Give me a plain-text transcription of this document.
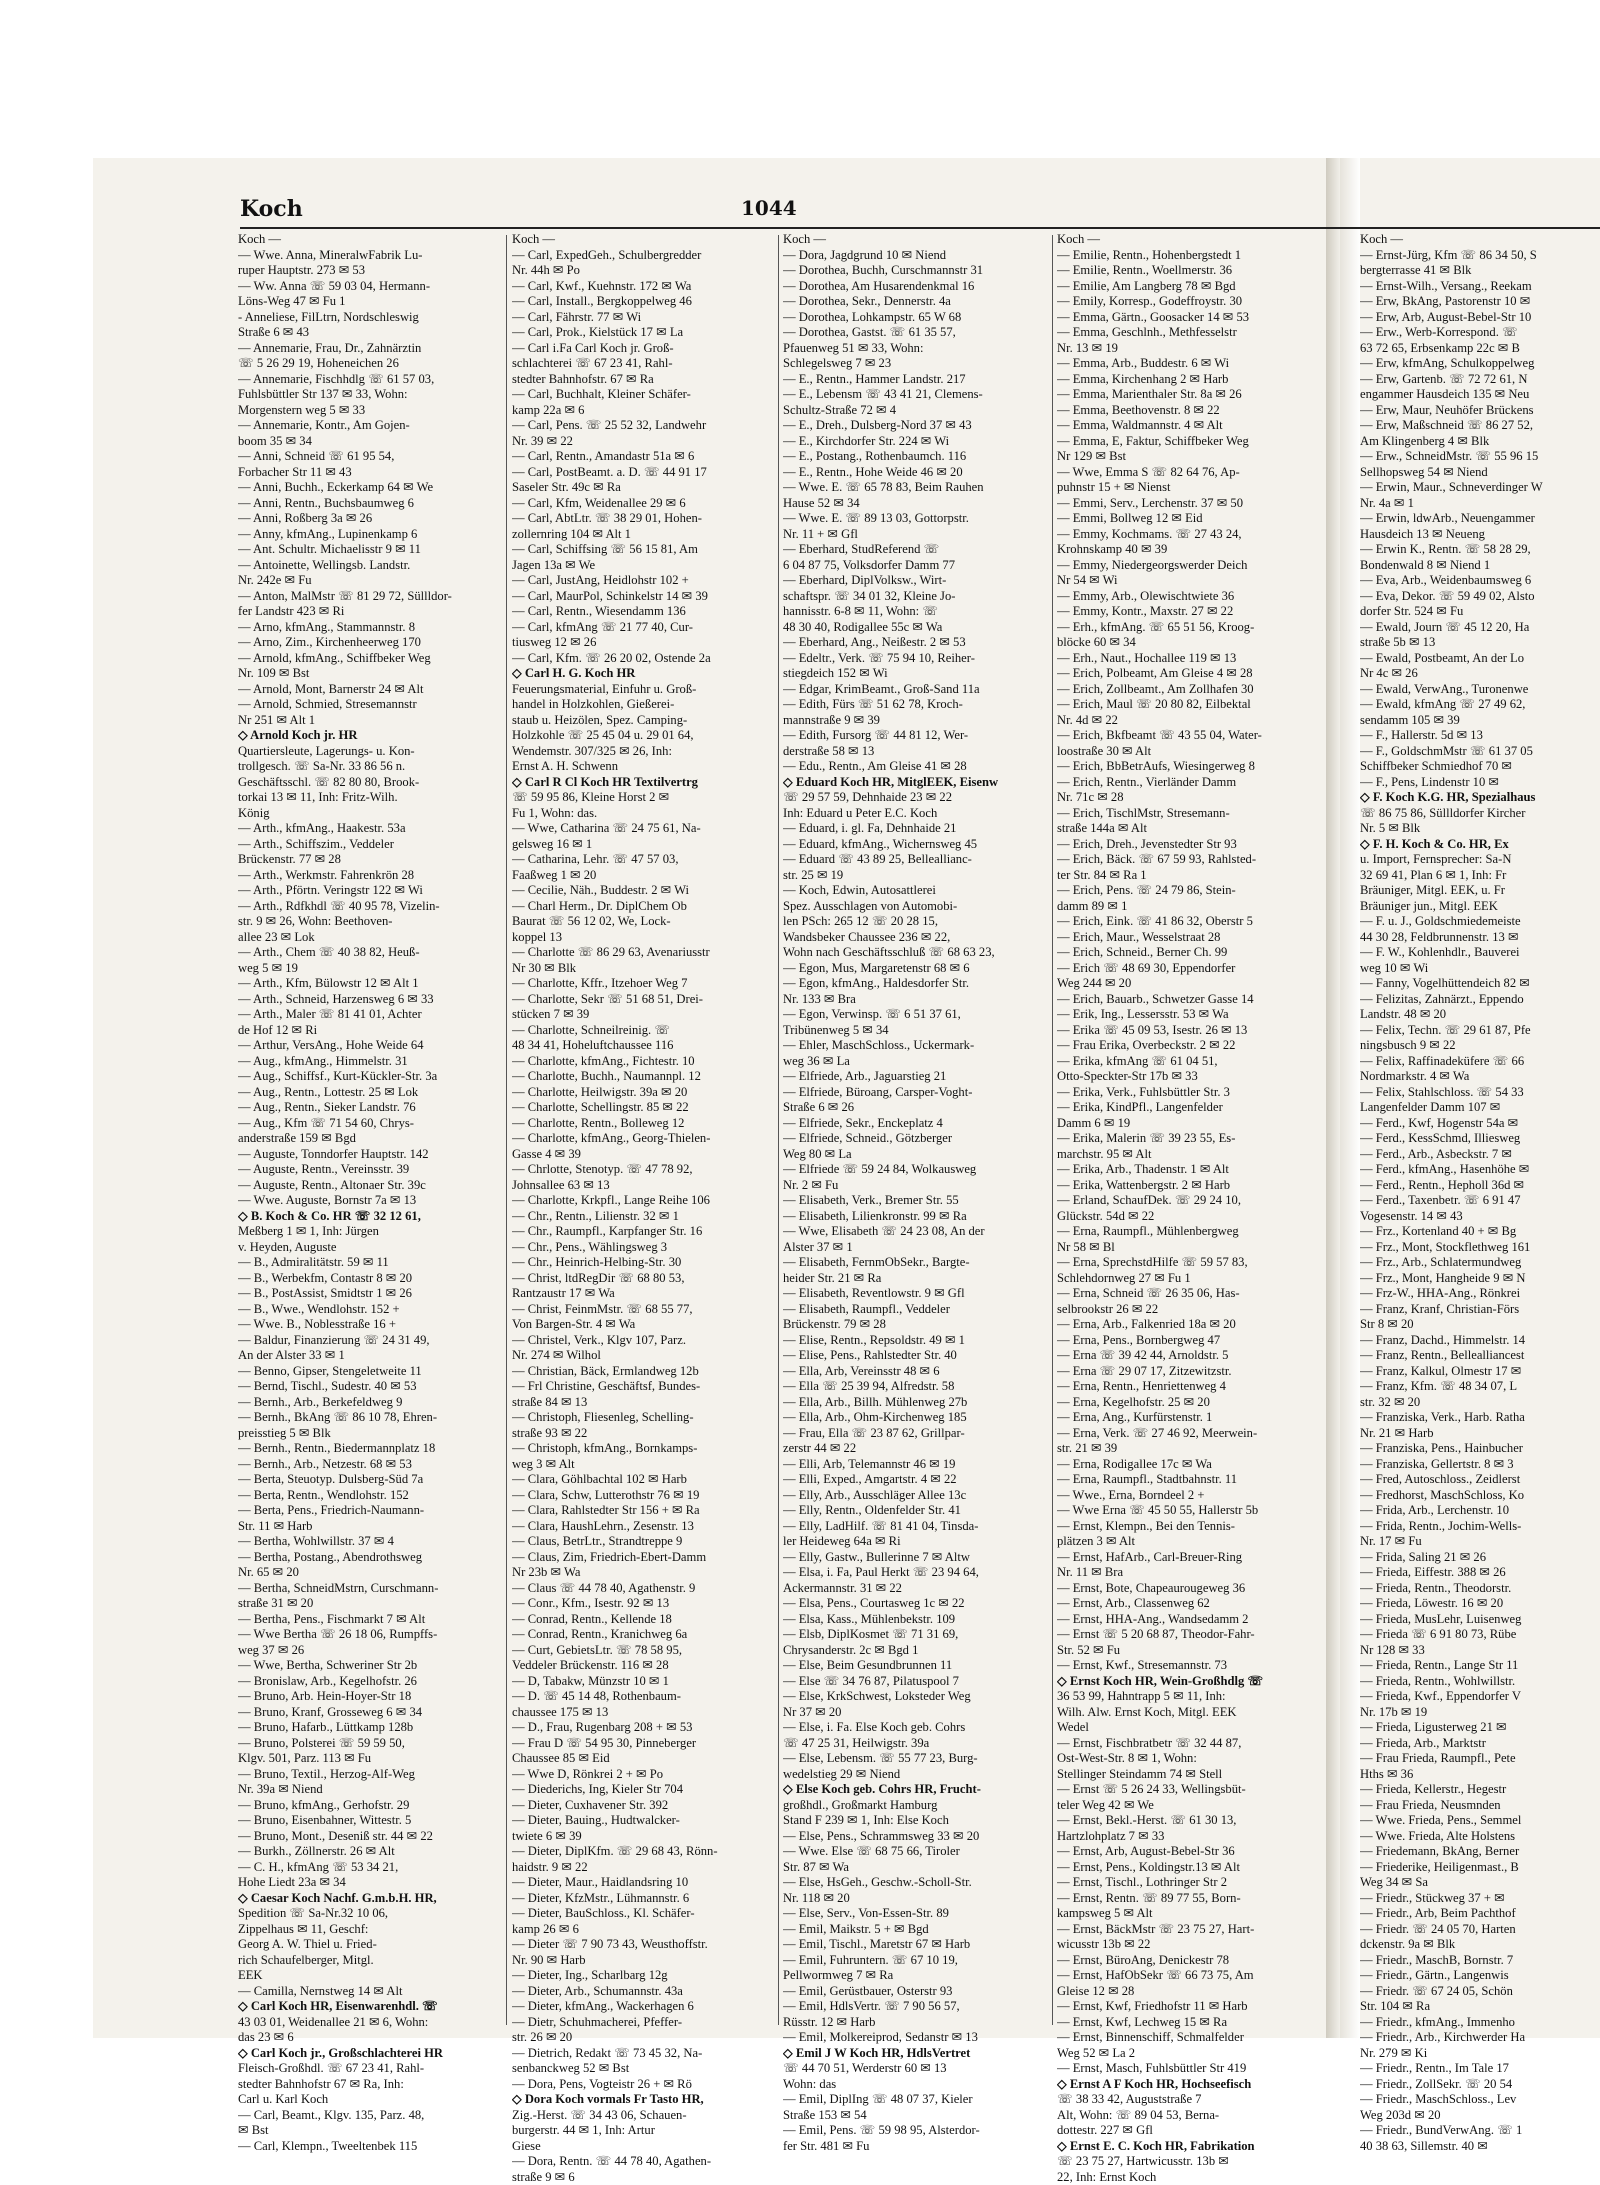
Koch	1044
Koch —
— Wwe. Anna, MineralwFabrik Lu-
ruper Hauptstr. 273 ✉ 53
— Ww. Anna ☏ 59 03 04, Hermann-
Löns-Weg 47 ✉ Fu 1
- Anneliese, FilLtrn, Nordschleswig
Straße 6 ✉ 43
— Annemarie, Frau, Dr., Zahnärztin
☏ 5 26 29 19, Hoheneichen 26
— Annemarie, Fischhdlg ☏ 61 57 03,
Fuhlsbüttler Str 137 ✉ 33, Wohn:
Morgenstern weg 5 ✉ 33
— Annemarie, Kontr., Am Gojen-
boom 35 ✉ 34
— Anni, Schneid ☏ 61 95 54,
Forbacher Str 11 ✉ 43
— Anni, Buchh., Eckerkamp 64 ✉ We
— Anni, Rentn., Buchsbaumweg 6
— Anni, Roßberg 3a ✉ 26
— Anny, kfmAng., Lupinenkamp 6
— Ant. Schultr. Michaelisstr 9 ✉ 11
— Antoinette, Wellingsb. Landstr.
Nr. 242e ✉ Fu
— Anton, MalMstr ☏ 81 29 72, Süllldor-
fer Landstr 423 ✉ Ri
— Arno, kfmAng., Stammannstr. 8
— Arno, Zim., Kirchenheerweg 170
— Arnold, kfmAng., Schiffbeker Weg
Nr. 109 ✉ Bst
— Arnold, Mont, Barnerstr 24 ✉ Alt
— Arnold, Schmied, Stresemannstr
Nr 251 ✉ Alt 1
◇ Arnold Koch jr. HR
Quartiersleute, Lagerungs- u. Kon-
trollgesch. ☏ Sa-Nr. 33 86 56 n.
Geschäftsschl. ☏ 82 80 80, Brook-
torkai 13 ✉ 11, Inh: Fritz-Wilh.
König
— Arth., kfmAng., Haakestr. 53a
— Arth., Schiffszim., Veddeler
Brückenstr. 77 ✉ 28
— Arth., Werkmstr. Fahrenkrön 28
— Arth., Pförtn. Veringstr 122 ✉ Wi
— Arth., Rdfkhdl ☏ 40 95 78, Vizelin-
str. 9 ✉ 26, Wohn: Beethoven-
allee 23 ✉ Lok
— Arth., Chem ☏ 40 38 82, Heuß-
weg 5 ✉ 19
— Arth., Kfm, Bülowstr 12 ✉ Alt 1
— Arth., Schneid, Harzensweg 6 ✉ 33
— Arth., Maler ☏ 81 41 01, Achter
de Hof 12 ✉ Ri
— Arthur, VersAng., Hohe Weide 64
— Aug., kfmAng., Himmelstr. 31
— Aug., Schiffsf., Kurt-Kückler-Str. 3a
— Aug., Rentn., Lottestr. 25 ✉ Lok
— Aug., Rentn., Sieker Landstr. 76
— Aug., Kfm ☏ 71 54 60, Chrys-
anderstraße 159 ✉ Bgd
— Auguste, Tonndorfer Hauptstr. 142
— Auguste, Rentn., Vereinsstr. 39
— Auguste, Rentn., Altonaer Str. 39c
— Wwe. Auguste, Bornstr 7a ✉ 13
◇ B. Koch & Co. HR ☏ 32 12 61,
Meßberg 1 ✉ 1, Inh: Jürgen
v. Heyden, Auguste
— B., Admiralitätstr. 59 ✉ 11
— B., Werbekfm, Contastr 8 ✉ 20
— B., PostAssist, Smidtstr 1 ✉ 26
— B., Wwe., Wendlohstr. 152 +
— Wwe. B., Noblesstraße 16 +
— Baldur, Finanzierung ☏ 24 31 49,
An der Alster 33 ✉ 1
— Benno, Gipser, Stengeletweite 11
— Bernd, Tischl., Sudestr. 40 ✉ 53
— Bernh., Arb., Berkefeldweg 9
— Bernh., BkAng ☏ 86 10 78, Ehren-
preisstieg 5 ✉ Blk
— Bernh., Rentn., Biedermannplatz 18
— Bernh., Arb., Netzestr. 68 ✉ 53
— Berta, Steuotyp. Dulsberg-Süd 7a
— Berta, Rentn., Wendlohstr. 152
— Berta, Pens., Friedrich-Naumann-
Str. 11 ✉ Harb
— Bertha, Wohlwillstr. 37 ✉ 4
— Bertha, Postang., Abendrothsweg
Nr. 65 ✉ 20
— Bertha, SchneidMstrn, Curschmann-
straße 31 ✉ 20
— Bertha, Pens., Fischmarkt 7 ✉ Alt
— Wwe Bertha ☏ 26 18 06, Rumpffs-
weg 37 ✉ 26
— Wwe, Bertha, Schweriner Str 2b
— Bronislaw, Arb., Kegelhofstr. 26
— Bruno, Arb. Hein-Hoyer-Str 18
— Bruno, Kranf, Grosseweg 6 ✉ 34
— Bruno, Hafarb., Lüttkamp 128b
— Bruno, Polsterei ☏ 59 59 50,
Klgv. 501, Parz. 113 ✉ Fu
— Bruno, Textil., Herzog-Alf-Weg
Nr. 39a ✉ Niend
— Bruno, kfmAng., Gerhofstr. 29
— Bruno, Eisenbahner, Wittestr. 5
— Bruno, Mont., Deseniß str. 44 ✉ 22
— Burkh., Zöllnerstr. 26 ✉ Alt
— C. H., kfmAng ☏ 53 34 21,
Hohe Liedt 23a ✉ 34
◇ Caesar Koch Nachf. G.m.b.H. HR,
Spedition ☏ Sa-Nr.32 10 06,
Zippelhaus ✉ 11, Geschf:
Georg A. W. Thiel u. Fried-
rich Schaufelberger, Mitgl.
EEK
— Camilla, Nernstweg 14 ✉ Alt
◇ Carl Koch HR, Eisenwarenhdl. ☏
43 03 01, Weidenallee 21 ✉ 6, Wohn:
das 23 ✉ 6
◇ Carl Koch jr., Großschlachterei HR
Fleisch-Großhdl. ☏ 67 23 41, Rahl-
stedter Bahnhofstr 67 ✉ Ra, Inh:
Carl u. Karl Koch
— Carl, Beamt., Klgv. 135, Parz. 48,
✉ Bst
— Carl, Klempn., Tweeltenbek 115
Koch —
— Carl, ExpedGeh., Schulbergredder
Nr. 44h ✉ Po
— Carl, Kwf., Kuehnstr. 172 ✉ Wa
— Carl, Install., Bergkoppelweg 46
— Carl, Fährstr. 77 ✉ Wi
— Carl, Prok., Kielstück 17 ✉ La
— Carl i.Fa Carl Koch jr. Groß-
schlachterei ☏ 67 23 41, Rahl-
stedter Bahnhofstr. 67 ✉ Ra
— Carl, Buchhalt, Kleiner Schäfer-
kamp 22a ✉ 6
— Carl, Pens. ☏ 25 52 32, Landwehr
Nr. 39 ✉ 22
— Carl, Rentn., Amandastr 51a ✉ 6
— Carl, PostBeamt. a. D. ☏ 44 91 17
Saseler Str. 49c ✉ Ra
— Carl, Kfm, Weidenallee 29 ✉ 6
— Carl, AbtLtr. ☏ 38 29 01, Hohen-
zollernring 104 ✉ Alt 1
— Carl, Schiffsing ☏ 56 15 81, Am
Jagen 13a ✉ We
— Carl, JustAng, Heidlohstr 102 +
— Carl, MaurPol, Schinkelstr 14 ✉ 39
— Carl, Rentn., Wiesendamm 136
— Carl, kfmAng ☏ 21 77 40, Cur-
tiusweg 12 ✉ 26
— Carl, Kfm. ☏ 26 20 02, Ostende 2a
◇ Carl H. G. Koch HR
Feuerungsmaterial, Einfuhr u. Groß-
handel in Holzkohlen, Gießerei-
staub u. Heizölen, Spez. Camping-
Holzkohle ☏ 25 45 04 u. 29 01 64,
Wendemstr. 307/325 ✉ 26, Inh:
Ernst A. H. Schwenn
◇ Carl R Cl Koch HR Textilvertrg
☏ 59 95 86, Kleine Horst 2 ✉
Fu 1, Wohn: das.
— Wwe, Catharina ☏ 24 75 61, Na-
gelsweg 16 ✉ 1
— Catharina, Lehr. ☏ 47 57 03,
Faaßweg 1 ✉ 20
— Cecilie, Näh., Buddestr. 2 ✉ Wi
— Charl Herm., Dr. DiplChem Ob
Baurat ☏ 56 12 02, We, Lock-
koppel 13
— Charlotte ☏ 86 29 63, Avenariusstr
Nr 30 ✉ Blk
— Charlotte, Kffr., Itzehoer Weg 7
— Charlotte, Sekr ☏ 51 68 51, Drei-
stücken 7 ✉ 39
— Charlotte, Schneilreinig. ☏
48 34 41, Hoheluftchaussee 116
— Charlotte, kfmAng., Fichtestr. 10
— Charlotte, Buchh., Naumannpl. 12
— Charlotte, Heilwigstr. 39a ✉ 20
— Charlotte, Schellingstr. 85 ✉ 22
— Charlotte, Rentn., Bolleweg 12
— Charlotte, kfmAng., Georg-Thielen-
Gasse 4 ✉ 39
— Chrlotte, Stenotyp. ☏ 47 78 92,
Johnsallee 63 ✉ 13
— Charlotte, Krkpfl., Lange Reihe 106
— Chr., Rentn., Lilienstr. 32 ✉ 1
— Chr., Raumpfl., Karpfanger Str. 16
— Chr., Pens., Wählingsweg 3
— Chr., Heinrich-Helbing-Str. 30
— Christ, ltdRegDir ☏ 68 80 53,
Rantzaustr 17 ✉ Wa
— Christ, FeinmMstr. ☏ 68 55 77,
Von Bargen-Str. 4 ✉ Wa
— Christel, Verk., Klgv 107, Parz.
Nr. 274 ✉ Wilhol
— Christian, Bäck, Ermlandweg 12b
— Frl Christine, Geschäftsf, Bundes-
straße 84 ✉ 13
— Christoph, Fliesenleg, Schelling-
straße 93 ✉ 22
— Christoph, kfmAng., Bornkamps-
weg 3 ✉ Alt
— Clara, Göhlbachtal 102 ✉ Harb
— Clara, Schw, Lutterothstr 76 ✉ 19
— Clara, Rahlstedter Str 156 + ✉ Ra
— Clara, HaushLehrn., Zesenstr. 13
— Claus, BetrLtr., Strandtreppe 9
— Claus, Zim, Friedrich-Ebert-Damm
Nr 23b ✉ Wa
— Claus ☏ 44 78 40, Agathenstr. 9
— Conr., Kfm., Isestr. 92 ✉ 13
— Conrad, Rentn., Kellende 18
— Conrad, Rentn., Kranichweg 6a
— Curt, GebietsLtr. ☏ 78 58 95,
Veddeler Brückenstr. 116 ✉ 28
— D, Tabakw, Münzstr 10 ✉ 1
— D. ☏ 45 14 48, Rothenbaum-
chaussee 175 ✉ 13
— D., Frau, Rugenbarg 208 + ✉ 53
— Frau D ☏ 54 95 30, Pinneberger
Chaussee 85 ✉ Eid
— Wwe D, Rönkrei 2 + ✉ Po
— Diederichs, Ing, Kieler Str 704
— Dieter, Cuxhavener Str. 392
— Dieter, Bauing., Hudtwalcker-
twiete 6 ✉ 39
— Dieter, DiplKfm. ☏ 29 68 43, Rönn-
haidstr. 9 ✉ 22
— Dieter, Maur., Haidlandsring 10
— Dieter, KfzMstr., Lühmannstr. 6
— Dieter, BauSchloss., Kl. Schäfer-
kamp 26 ✉ 6
— Dieter ☏ 7 90 73 43, Weusthoffstr.
Nr. 90 ✉ Harb
— Dieter, Ing., Scharlbarg 12g
— Dieter, Arb., Schumannstr. 43a
— Dieter, kfmAng., Wackerhagen 6
— Dietr, Schuhmacherei, Pfeffer-
str. 26 ✉ 20
— Dietrich, Redakt ☏ 73 45 32, Na-
senbanckweg 52 ✉ Bst
— Dora, Pens, Vogteistr 26 + ✉ Rö
◇ Dora Koch vormals Fr Tasto HR,
Zig.-Herst. ☏ 34 43 06, Schauen-
burgerstr. 44 ✉ 1, Inh: Artur
Giese
— Dora, Rentn. ☏ 44 78 40, Agathen-
straße 9 ✉ 6
Koch —
— Dora, Jagdgrund 10 ✉ Niend
— Dorothea, Buchh, Curschmannstr 31
— Dorothea, Am Husarendenkmal 16
— Dorothea, Sekr., Dennerstr. 4a
— Dorothea, Lohkampstr. 65 W 68
— Dorothea, Gastst. ☏ 61 35 57,
Pfauenweg 51 ✉ 33, Wohn:
Schlegelsweg 7 ✉ 23
— E., Rentn., Hammer Landstr. 217
— E., Lebensm ☏ 43 41 21, Clemens-
Schultz-Straße 72 ✉ 4
— E., Dreh., Dulsberg-Nord 37 ✉ 43
— E., Kirchdorfer Str. 224 ✉ Wi
— E., Postang., Rothenbaumch. 116
— E., Rentn., Hohe Weide 46 ✉ 20
— Wwe. E. ☏ 65 78 83, Beim Rauhen
Hause 52 ✉ 34
— Wwe. E. ☏ 89 13 03, Gottorpstr.
Nr. 11 + ✉ Gfl
— Eberhard, StudReferend ☏
6 04 87 75, Volksdorfer Damm 77
— Eberhard, DiplVolksw., Wirt-
schaftspr. ☏ 34 01 32, Kleine Jo-
hannisstr. 6-8 ✉ 11, Wohn: ☏
48 30 40, Rodigallee 55c ✉ Wa
— Eberhard, Ang., Neißestr. 2 ✉ 53
— Edeltr., Verk. ☏ 75 94 10, Reiher-
stiegdeich 152 ✉ Wi
— Edgar, KrimBeamt., Groß-Sand 11a
— Edith, Fürs ☏ 51 62 78, Kroch-
mannstraße 9 ✉ 39
— Edith, Fursorg ☏ 44 81 12, Wer-
derstraße 58 ✉ 13
— Edu., Rentn., Am Gleise 41 ✉ 28
◇ Eduard Koch HR, MitglEEK, Eisenw
☏ 29 57 59, Dehnhaide 23 ✉ 22
Inh: Eduard u Peter E.C. Koch
— Eduard, i. gl. Fa, Dehnhaide 21
— Eduard, kfmAng., Wichernsweg 45
— Eduard ☏ 43 89 25, Belleallianc-
str. 25 ✉ 19
— Koch, Edwin, Autosattlerei
Spez. Ausschlagen von Automobi-
len PSch: 265 12 ☏ 20 28 15,
Wandsbeker Chaussee 236 ✉ 22,
Wohn nach Geschäftsschluß ☏ 68 63 23,
— Egon, Mus, Margaretenstr 68 ✉ 6
— Egon, kfmAng., Haldesdorfer Str.
Nr. 133 ✉ Bra
— Egon, Verwinsp. ☏ 6 51 37 61,
Tribünenweg 5 ✉ 34
— Ehler, MaschSchloss., Uckermark-
weg 36 ✉ La
— Elfriede, Arb., Jaguarstieg 21
— Elfriede, Büroang, Carsper-Voght-
Straße 6 ✉ 26
— Elfriede, Sekr., Enckeplatz 4
— Elfriede, Schneid., Götzberger
Weg 80 ✉ La
— Elfriede ☏ 59 24 84, Wolkausweg
Nr. 2 ✉ Fu
— Elisabeth, Verk., Bremer Str. 55
— Elisabeth, Lilienkronstr. 99 ✉ Ra
— Wwe, Elisabeth ☏ 24 23 08, An der
Alster 37 ✉ 1
— Elisabeth, FernmObSekr., Bargte-
heider Str. 21 ✉ Ra
— Elisabeth, Reventlowstr. 9 ✉ Gfl
— Elisabeth, Raumpfl., Veddeler
Brückenstr. 79 ✉ 28
— Elise, Rentn., Repsoldstr. 49 ✉ 1
— Elise, Pens., Rahlstedter Str. 40
— Ella, Arb, Vereinsstr 48 ✉ 6
— Ella ☏ 25 39 94, Alfredstr. 58
— Ella, Arb., Billh. Mühlenweg 27b
— Ella, Arb., Ohm-Kirchenweg 185
— Frau, Ella ☏ 23 87 62, Grillpar-
zerstr 44 ✉ 22
— Elli, Arb, Telemannstr 46 ✉ 19
— Elli, Exped., Amgartstr. 4 ✉ 22
— Elly, Arb., Ausschläger Allee 13c
— Elly, Rentn., Oldenfelder Str. 41
— Elly, LadHilf. ☏ 81 41 04, Tinsda-
ler Heideweg 64a ✉ Ri
— Elly, Gastw., Bullerinne 7 ✉ Altw
— Elsa, i. Fa, Paul Herkt ☏ 23 94 64,
Ackermannstr. 31 ✉ 22
— Elsa, Pens., Courtasweg 1c ✉ 22
— Elsa, Kass., Mühlenbekstr. 109
— Elsb, DiplKosmet ☏ 71 31 69,
Chrysanderstr. 2c ✉ Bgd 1
— Else, Beim Gesundbrunnen 11
— Else ☏ 34 76 87, Pilatuspool 7
— Else, KrkSchwest, Loksteder Weg
Nr 37 ✉ 20
— Else, i. Fa. Else Koch geb. Cohrs
☏ 47 25 31, Heilwigstr. 39a
— Else, Lebensm. ☏ 55 77 23, Burg-
wedelstieg 29 ✉ Niend
◇ Else Koch geb. Cohrs HR, Frucht-
großhdl., Großmarkt Hamburg
Stand F 239 ✉ 1, Inh: Else Koch
— Else, Pens., Schrammsweg 33 ✉ 20
— Wwe. Else ☏ 68 75 66, Tiroler
Str. 87 ✉ Wa
— Else, HsGeh., Geschw.-Scholl-Str.
Nr. 118 ✉ 20
— Else, Serv., Von-Essen-Str. 89
— Emil, Maikstr. 5 + ✉ Bgd
— Emil, Tischl., Maretstr 67 ✉ Harb
— Emil, Fuhruntern. ☏ 67 10 19,
Pellwormweg 7 ✉ Ra
— Emil, Gerüstbauer, Osterstr 93
— Emil, HdlsVertr. ☏ 7 90 56 57,
Rüsstr. 12 ✉ Harb
— Emil, Molkereiprod, Sedanstr ✉ 13
◇ Emil J W Koch HR, HdlsVertret
☏ 44 70 51, Werderstr 60 ✉ 13
Wohn: das
— Emil, DiplIng ☏ 48 07 37, Kieler
Straße 153 ✉ 54
— Emil, Pens. ☏ 59 98 95, Alsterdor-
fer Str. 481 ✉ Fu
Koch —
— Emilie, Rentn., Hohenbergstedt 1
— Emilie, Rentn., Woellmerstr. 36
— Emilie, Am Langberg 78 ✉ Bgd
— Emily, Korresp., Godeffroystr. 30
— Emma, Gärtn., Goosacker 14 ✉ 53
— Emma, Geschlnh., Methfesselstr
Nr. 13 ✉ 19
— Emma, Arb., Buddestr. 6 ✉ Wi
— Emma, Kirchenhang 2 ✉ Harb
— Emma, Marienthaler Str. 8a ✉ 26
— Emma, Beethovenstr. 8 ✉ 22
— Emma, Waldmannstr. 4 ✉ Alt
— Emma, E, Faktur, Schiffbeker Weg
Nr 129 ✉ Bst
— Wwe, Emma S ☏ 82 64 76, Ap-
puhnstr 15 + ✉ Nienst
— Emmi, Serv., Lerchenstr. 37 ✉ 50
— Emmi, Bollweg 12 ✉ Eid
— Emmy, Kochmams. ☏ 27 43 24,
Krohnskamp 40 ✉ 39
— Emmy, Niedergeorgswerder Deich
Nr 54 ✉ Wi
— Emmy, Arb., Olewischtwiete 36
— Emmy, Kontr., Maxstr. 27 ✉ 22
— Erh., kfmAng. ☏ 65 51 56, Kroog-
blöcke 60 ✉ 34
— Erh., Naut., Hochallee 119 ✉ 13
— Erich, Polbeamt, Am Gleise 4 ✉ 28
— Erich, Zollbeamt., Am Zollhafen 30
— Erich, Maul ☏ 20 80 82, Eilbektal
Nr. 4d ✉ 22
— Erich, Bkfbeamt ☏ 43 55 04, Water-
loostraße 30 ✉ Alt
— Erich, BbBetrAufs, Wiesingerweg 8
— Erich, Rentn., Vierländer Damm
Nr. 71c ✉ 28
— Erich, TischlMstr, Stresemann-
straße 144a ✉ Alt
— Erich, Dreh., Jevenstedter Str 93
— Erich, Bäck. ☏ 67 59 93, Rahlsted-
ter Str. 84 ✉ Ra 1
— Erich, Pens. ☏ 24 79 86, Stein-
damm 89 ✉ 1
— Erich, Eink. ☏ 41 86 32, Oberstr 5
— Erich, Maur., Wesselstraat 28
— Erich, Schneid., Berner Ch. 99
— Erich ☏ 48 69 30, Eppendorfer
Weg 244 ✉ 20
— Erich, Bauarb., Schwetzer Gasse 14
— Erik, Ing., Lessersstr. 53 ✉ Wa
— Erika ☏ 45 09 53, Isestr. 26 ✉ 13
— Frau Erika, Overbeckstr. 2 ✉ 22
— Erika, kfmAng ☏ 61 04 51,
Otto-Speckter-Str 17b ✉ 33
— Erika, Verk., Fuhlsbüttler Str. 3
— Erika, KindPfl., Langenfelder
Damm 6 ✉ 19
— Erika, Malerin ☏ 39 23 55, Es-
marchstr. 95 ✉ Alt
— Erika, Arb., Thadenstr. 1 ✉ Alt
— Erika, Wattenbergstr. 2 ✉ Harb
— Erland, SchaufDek. ☏ 29 24 10,
Glückstr. 54d ✉ 22
— Erna, Raumpfl., Mühlenbergweg
Nr 58 ✉ Bl
— Erna, SprechstdHilfe ☏ 59 57 83,
Schlehdornweg 27 ✉ Fu 1
— Erna, Schneid ☏ 26 35 06, Has-
selbrookstr 26 ✉ 22
— Erna, Arb., Falkenried 18a ✉ 20
— Erna, Pens., Bornbergweg 47
— Erna ☏ 39 42 44, Arnoldstr. 5
— Erna ☏ 29 07 17, Zitzewitzstr.
— Erna, Rentn., Henriettenweg 4
— Erna, Kegelhofstr. 25 ✉ 20
— Erna, Ang., Kurfürstenstr. 1
— Erna, Verk. ☏ 27 46 92, Meerwein-
str. 21 ✉ 39
— Erna, Rodigallee 17c ✉ Wa
— Erna, Raumpfl., Stadtbahnstr. 11
— Wwe., Erna, Borndeel 2 +
— Wwe Erna ☏ 45 50 55, Hallerstr 5b
— Ernst, Klempn., Bei den Tennis-
plätzen 3 ✉ Alt
— Ernst, HafArb., Carl-Breuer-Ring
Nr. 11 ✉ Bra
— Ernst, Bote, Chapeaurougeweg 36
— Ernst, Arb., Classenweg 62
— Ernst, HHA-Ang., Wandsedamm 2
— Ernst ☏ 5 20 68 87, Theodor-Fahr-
Str. 52 ✉ Fu
— Ernst, Kwf., Stresemannstr. 73
◇ Ernst Koch HR, Wein-Großhdlg ☏
36 53 99, Hahntrapp 5 ✉ 11, Inh:
Wilh. Alw. Ernst Koch, Mitgl. EEK
Wedel
— Ernst, Fischbratbetr ☏ 32 44 87,
Ost-West-Str. 8 ✉ 1, Wohn:
Stellinger Steindamm 74 ✉ Stell
— Ernst ☏ 5 26 24 33, Wellingsbüt-
teler Weg 42 ✉ We
— Ernst, Bekl.-Herst. ☏ 61 30 13,
Hartzlohplatz 7 ✉ 33
— Ernst, Arb, August-Bebel-Str 36
— Ernst, Pens., Koldingstr.13 ✉ Alt
— Ernst, Tischl., Lothringer Str 2
— Ernst, Rentn. ☏ 89 77 55, Born-
kampsweg 5 ✉ Alt
— Ernst, BäckMstr ☏ 23 75 27, Hart-
wicusstr 13b ✉ 22
— Ernst, BüroAng, Denickestr 78
— Ernst, HafObSekr ☏ 66 73 75, Am
Gleise 12 ✉ 28
— Ernst, Kwf, Friedhofstr 11 ✉ Harb
— Ernst, Kwf, Lechweg 15 ✉ Ra
— Ernst, Binnenschiff, Schmalfelder
Weg 52 ✉ La 2
— Ernst, Masch, Fuhlsbüttler Str 419
◇ Ernst A F Koch HR, Hochseefisch
☏ 38 33 42, Auguststraße 7
Alt, Wohn: ☏ 89 04 53, Berna-
dottestr. 227 ✉ Gfl
◇ Ernst E. C. Koch HR, Fabrikation
☏ 23 75 27, Hartwicusstr. 13b ✉
22, Inh: Ernst Koch
Koch —
— Ernst-Jürg, Kfm ☏ 86 34 50, S
bergterrasse 41 ✉ Blk
— Ernst-Wilh., Versang., Reekam
— Erw, BkAng, Pastorenstr 10 ✉
— Erw, Arb, August-Bebel-Str 10
— Erw., Werb-Korrespond. ☏
63 72 65, Erbsenkamp 22c ✉ B
— Erw, kfmAng, Schulkoppelweg
— Erw, Gartenb. ☏ 72 72 61, N
engammer Hausdeich 135 ✉ Neu
— Erw, Maur, Neuhöfer Brückens
— Erw, Maßschneid ☏ 86 27 52,
Am Klingenberg 4 ✉ Blk
— Erw., SchneidMstr. ☏ 55 96 15
Sellhopsweg 54 ✉ Niend
— Erwin, Maur., Schneverdinger W
Nr. 4a ✉ 1
— Erwin, ldwArb., Neuengammer
Hausdeich 13 ✉ Neueng
— Erwin K., Rentn. ☏ 58 28 29,
Bondenwald 8 ✉ Niend 1
— Eva, Arb., Weidenbaumsweg 6
— Eva, Dekor. ☏ 59 49 02, Alsto
dorfer Str. 524 ✉ Fu
— Ewald, Journ ☏ 45 12 20, Ha
straße 5b ✉ 13
— Ewald, Postbeamt, An der Lo
Nr 4c ✉ 26
— Ewald, VerwAng., Turonenwe
— Ewald, kfmAng ☏ 27 49 62,
sendamm 105 ✉ 39
— F., Hallerstr. 5d ✉ 13
— F., GoldschmMstr ☏ 61 37 05
Schiffbeker Schmiedhof 70 ✉
— F., Pens, Lindenstr 10 ✉
◇ F. Koch K.G. HR, Spezialhaus
☏ 86 75 86, Süllldorfer Kircher
Nr. 5 ✉ Blk
◇ F. H. Koch & Co. HR, Ex
u. Import, Fernsprecher: Sa-N
32 69 41, Plan 6 ✉ 1, Inh: Fr
Bräuniger, Mitgl. EEK, u. Fr
Bräuniger jun., Mitgl. EEK
— F. u. J., Goldschmiedemeiste
44 30 28, Feldbrunnenstr. 13 ✉
— F. W., Kohlenhdlr., Bauverei
weg 10 ✉ Wi
— Fanny, Vogelhüttendeich 82 ✉
— Felizitas, Zahnärzt., Eppendo
Landstr. 48 ✉ 20
— Felix, Techn. ☏ 29 61 87, Pfe
ningsbusch 9 ✉ 22
— Felix, Raffinadeküfere ☏ 66
Nordmarkstr. 4 ✉ Wa
— Felix, Stahlschloss. ☏ 54 33
Langenfelder Damm 107 ✉
— Ferd., Kwf, Hogenstr 54a ✉
— Ferd., KessSchmd, Illiesweg
— Ferd., Arb., Asbeckstr. 7 ✉
— Ferd., kfmAng., Hasenhöhe ✉
— Ferd., Rentn., Hepholl 36d ✉
— Ferd., Taxenbetr. ☏ 6 91 47
Vogesenstr. 14 ✉ 43
— Frz., Kortenland 40 + ✉ Bg
— Frz., Mont, Stockflethweg 161
— Frz., Arb., Schlatermundweg
— Frz., Mont, Hangheide 9 ✉ N
— Frz-W., HHA-Ang., Rönkrei
— Franz, Kranf, Christian-Förs
Str 8 ✉ 20
— Franz, Dachd., Himmelstr. 14
— Franz, Rentn., Bellealliancest
— Franz, Kalkul, Olmestr 17 ✉
— Franz, Kfm. ☏ 48 34 07, L
str. 32 ✉ 20
— Franziska, Verk., Harb. Ratha
Nr. 21 ✉ Harb
— Franziska, Pens., Hainbucher
— Franziska, Gellertstr. 8 ✉ 3
— Fred, Autoschloss., Zeidlerst
— Fredhorst, MaschSchloss, Ko
— Frida, Arb., Lerchenstr. 10
— Frida, Rentn., Jochim-Wells-
Nr. 17 ✉ Fu
— Frida, Saling 21 ✉ 26
— Frieda, Eiffestr. 388 ✉ 26
— Frieda, Rentn., Theodorstr.
— Frieda, Löwestr. 16 ✉ 20
— Frieda, MusLehr, Luisenweg
— Frieda ☏ 6 91 80 73, Rübe
Nr 128 ✉ 33
— Frieda, Rentn., Lange Str 11
— Frieda, Rentn., Wohlwillstr.
— Frieda, Kwf., Eppendorfer V
Nr. 17b ✉ 19
— Frieda, Ligusterweg 21 ✉
— Frieda, Arb., Marktstr
— Frau Frieda, Raumpfl., Pete
Hths ✉ 36
— Frieda, Kellerstr., Hegestr
— Frau Frieda, Neusmnden
— Wwe. Frieda, Pens., Semmel
— Wwe. Frieda, Alte Holstens
— Friedemann, BkAng, Berner
— Friederike, Heiligenmast., B
Weg 34 ✉ Sa
— Friedr., Stückweg 37 + ✉
— Friedr., Arb, Beim Pachthof
— Friedr. ☏ 24 05 70, Harten
dckenstr. 9a ✉ Blk
— Friedr., MaschB, Bornstr. 7
— Friedr., Gärtn., Langenwis
— Friedr. ☏ 67 24 05, Schön
Str. 104 ✉ Ra
— Friedr., kfmAng., Immenho
— Friedr., Arb., Kirchwerder Ha
Nr. 279 ✉ Ki
— Friedr., Rentn., Im Tale 17
— Friedr., ZollSekr. ☏ 20 54
— Friedr., MaschSchloss., Lev
Weg 203d ✉ 20
— Friedr., BundVerwAng. ☏ 1
40 38 63, Sillemstr. 40 ✉
